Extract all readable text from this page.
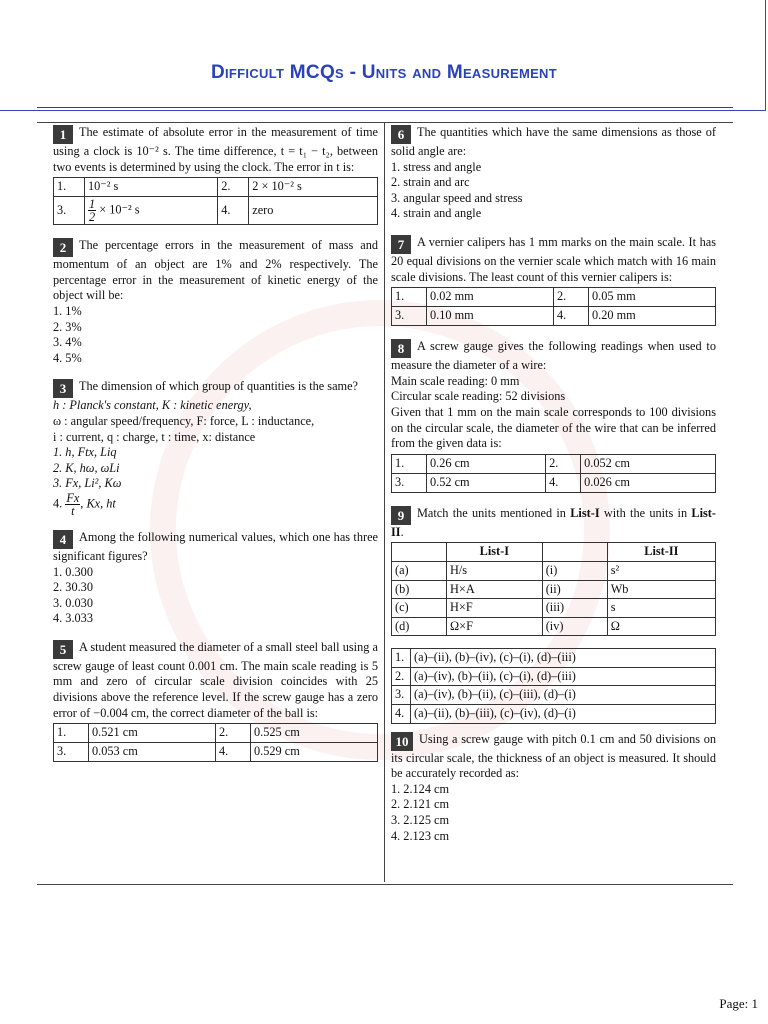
Difficult MCQs - Units and Measurement

1 The estimate of absolute error in the measurement of time using a clock is 10⁻² s. The time difference, t = t₁ − t₂, between two events is determined by using the clock. The error in t is:

1.	10⁻² s	2.	2 × 10⁻² s
3.	$\frac{1}{2} \times 10^{-2}$ s	4.	zero

2 The percentage errors in the measurement of mass and momentum of an object are 1% and 2% respectively. The percentage error in the measurement of kinetic energy of the object will be:

1. 1%

2. 3%

3. 4%

4. 5%

3 The dimension of which group of quantities is the same?

h : Planck's constant, K : kinetic energy,

ω : angular speed/frequency, F: force, L : inductance,

i : current, q : charge, t : time, x: distance

1. h, Ftx, Liq

2. K, hω, ωLi

3. Fx, Li², Kω

4. $\frac{Fx}{t}$ , Kx, ht

4 Among the following numerical values, which one has three significant figures?

1. 0.300

2. 30.30

3. 0.030

4. 3.033

5 A student measured the diameter of a small steel ball using a screw gauge of least count 0.001 cm. The main scale reading is 5 mm and zero of circular scale division coincides with 25 divisions above the reference level. If the screw gauge has a zero error of −0.004 cm, the correct diameter of the ball is:

1.	0.521 cm	2.	0.525 cm
3.	0.053 cm	4.	0.529 cm

6 The quantities which have the same dimensions as those of solid angle are:

1. stress and angle

2. strain and arc

3. angular speed and stress

4. strain and angle

7 A vernier calipers has 1 mm marks on the main scale. It has 20 equal divisions on the vernier scale which match with 16 main scale divisions. The least count of this vernier calipers is:

1.	0.02 mm	2.	0.05 mm
3.	0.10 mm	4.	0.20 mm

8 A screw gauge gives the following readings when used to measure the diameter of a wire:

Main scale reading: 0 mm

Circular scale reading: 52 divisions

Given that 1 mm on the main scale corresponds to 100 divisions on the circular scale, the diameter of the wire that can be inferred from the given data is:

1.	0.26 cm	2.	0.052 cm
3.	0.52 cm	4.	0.026 cm

9 Match the units mentioned in List-I with the units in List-II.

	List-I		List-II
(a)	H/s	(i)	s²
(b)	H×A	(ii)	Wb
(c)	H×F	(iii)	s
(d)	Ω×F	(iv)	Ω
1.	(a)–(ii), (b)–(iv), (c)–(i), (d)–(iii)
2.	(a)–(iv), (b)–(ii), (c)–(i), (d)–(iii)
3.	(a)–(iv), (b)–(ii), (c)–(iii), (d)–(i)
4.	(a)–(ii), (b)–(iii), (c)–(iv), (d)–(i)

10 Using a screw gauge with pitch 0.1 cm and 50 divisions on its circular scale, the thickness of an object is measured. It should be accurately recorded as:

1. 2.124 cm

2. 2.121 cm

3. 2.125 cm

4. 2.123 cm

Page: 1
